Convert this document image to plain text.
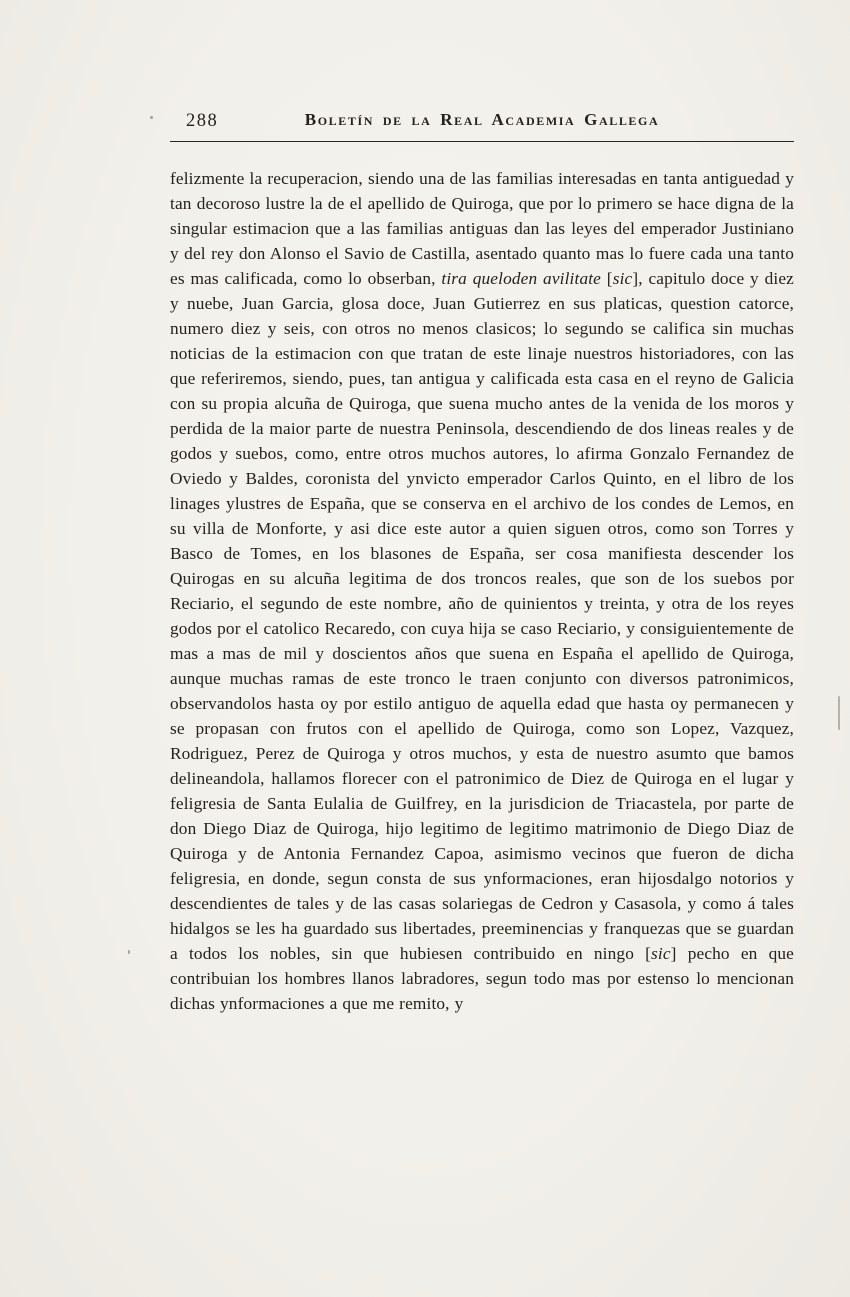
288	Boletín de la Real Academia Gallega

felizmente la recuperacion, siendo una de las familias interesadas en tanta antiguedad y tan decoroso lustre la de el apellido de Quiroga, que por lo primero se hace digna de la singular estimacion que a las familias antiguas dan las leyes del emperador Justiniano y del rey don Alonso el Savio de Castilla, asentado quanto mas lo fuere cada una tanto es mas calificada, como lo obserban, tira queloden avilitate [sic], capitulo doce y diez y nuebe, Juan Garcia, glosa doce, Juan Gutierrez en sus platicas, question catorce, numero diez y seis, con otros no menos clasicos; lo segundo se califica sin muchas noticias de la estimacion con que tratan de este linaje nuestros historiadores, con las que referiremos, siendo, pues, tan antigua y calificada esta casa en el reyno de Galicia con su propia alcuña de Quiroga, que suena mucho antes de la venida de los moros y perdida de la maior parte de nuestra Peninsola, descendiendo de dos lineas reales y de godos y suebos, como, entre otros muchos autores, lo afirma Gonzalo Fernandez de Oviedo y Baldes, coronista del ynvicto emperador Carlos Quinto, en el libro de los linages ylustres de España, que se conserva en el archivo de los condes de Lemos, en su villa de Monforte, y asi dice este autor a quien siguen otros, como son Torres y Basco de Tomes, en los blasones de España, ser cosa manifiesta descender los Quirogas en su alcuña legitima de dos troncos reales, que son de los suebos por Reciario, el segundo de este nombre, año de quinientos y treinta, y otra de los reyes godos por el catolico Recaredo, con cuya hija se caso Reciario, y consiguientemente de mas a mas de mil y doscientos años que suena en España el apellido de Quiroga, aunque muchas ramas de este tronco le traen conjunto con diversos patronimicos, observandolos hasta oy por estilo antiguo de aquella edad que hasta oy permanecen y se propasan con frutos con el apellido de Quiroga, como son Lopez, Vazquez, Rodriguez, Perez de Quiroga y otros muchos, y esta de nuestro asumto que bamos delineandola, hallamos florecer con el patronimico de Diez de Quiroga en el lugar y feligresia de Santa Eulalia de Guilfrey, en la jurisdicion de Triacastela, por parte de don Diego Diaz de Quiroga, hijo legitimo de legitimo matrimonio de Diego Diaz de Quiroga y de Antonia Fernandez Capoa, asimismo vecinos que fueron de dicha feligresia, en donde, segun consta de sus ynformaciones, eran hijosdalgo notorios y descendientes de tales y de las casas solariegas de Cedron y Casasola, y como á tales hidalgos se les ha guardado sus libertades, preeminencias y franquezas que se guardan a todos los nobles, sin que hubiesen contribuido en ningo [sic] pecho en que contribuian los hombres llanos labradores, segun todo mas por estenso lo mencionan dichas ynformaciones a que me remito, y
